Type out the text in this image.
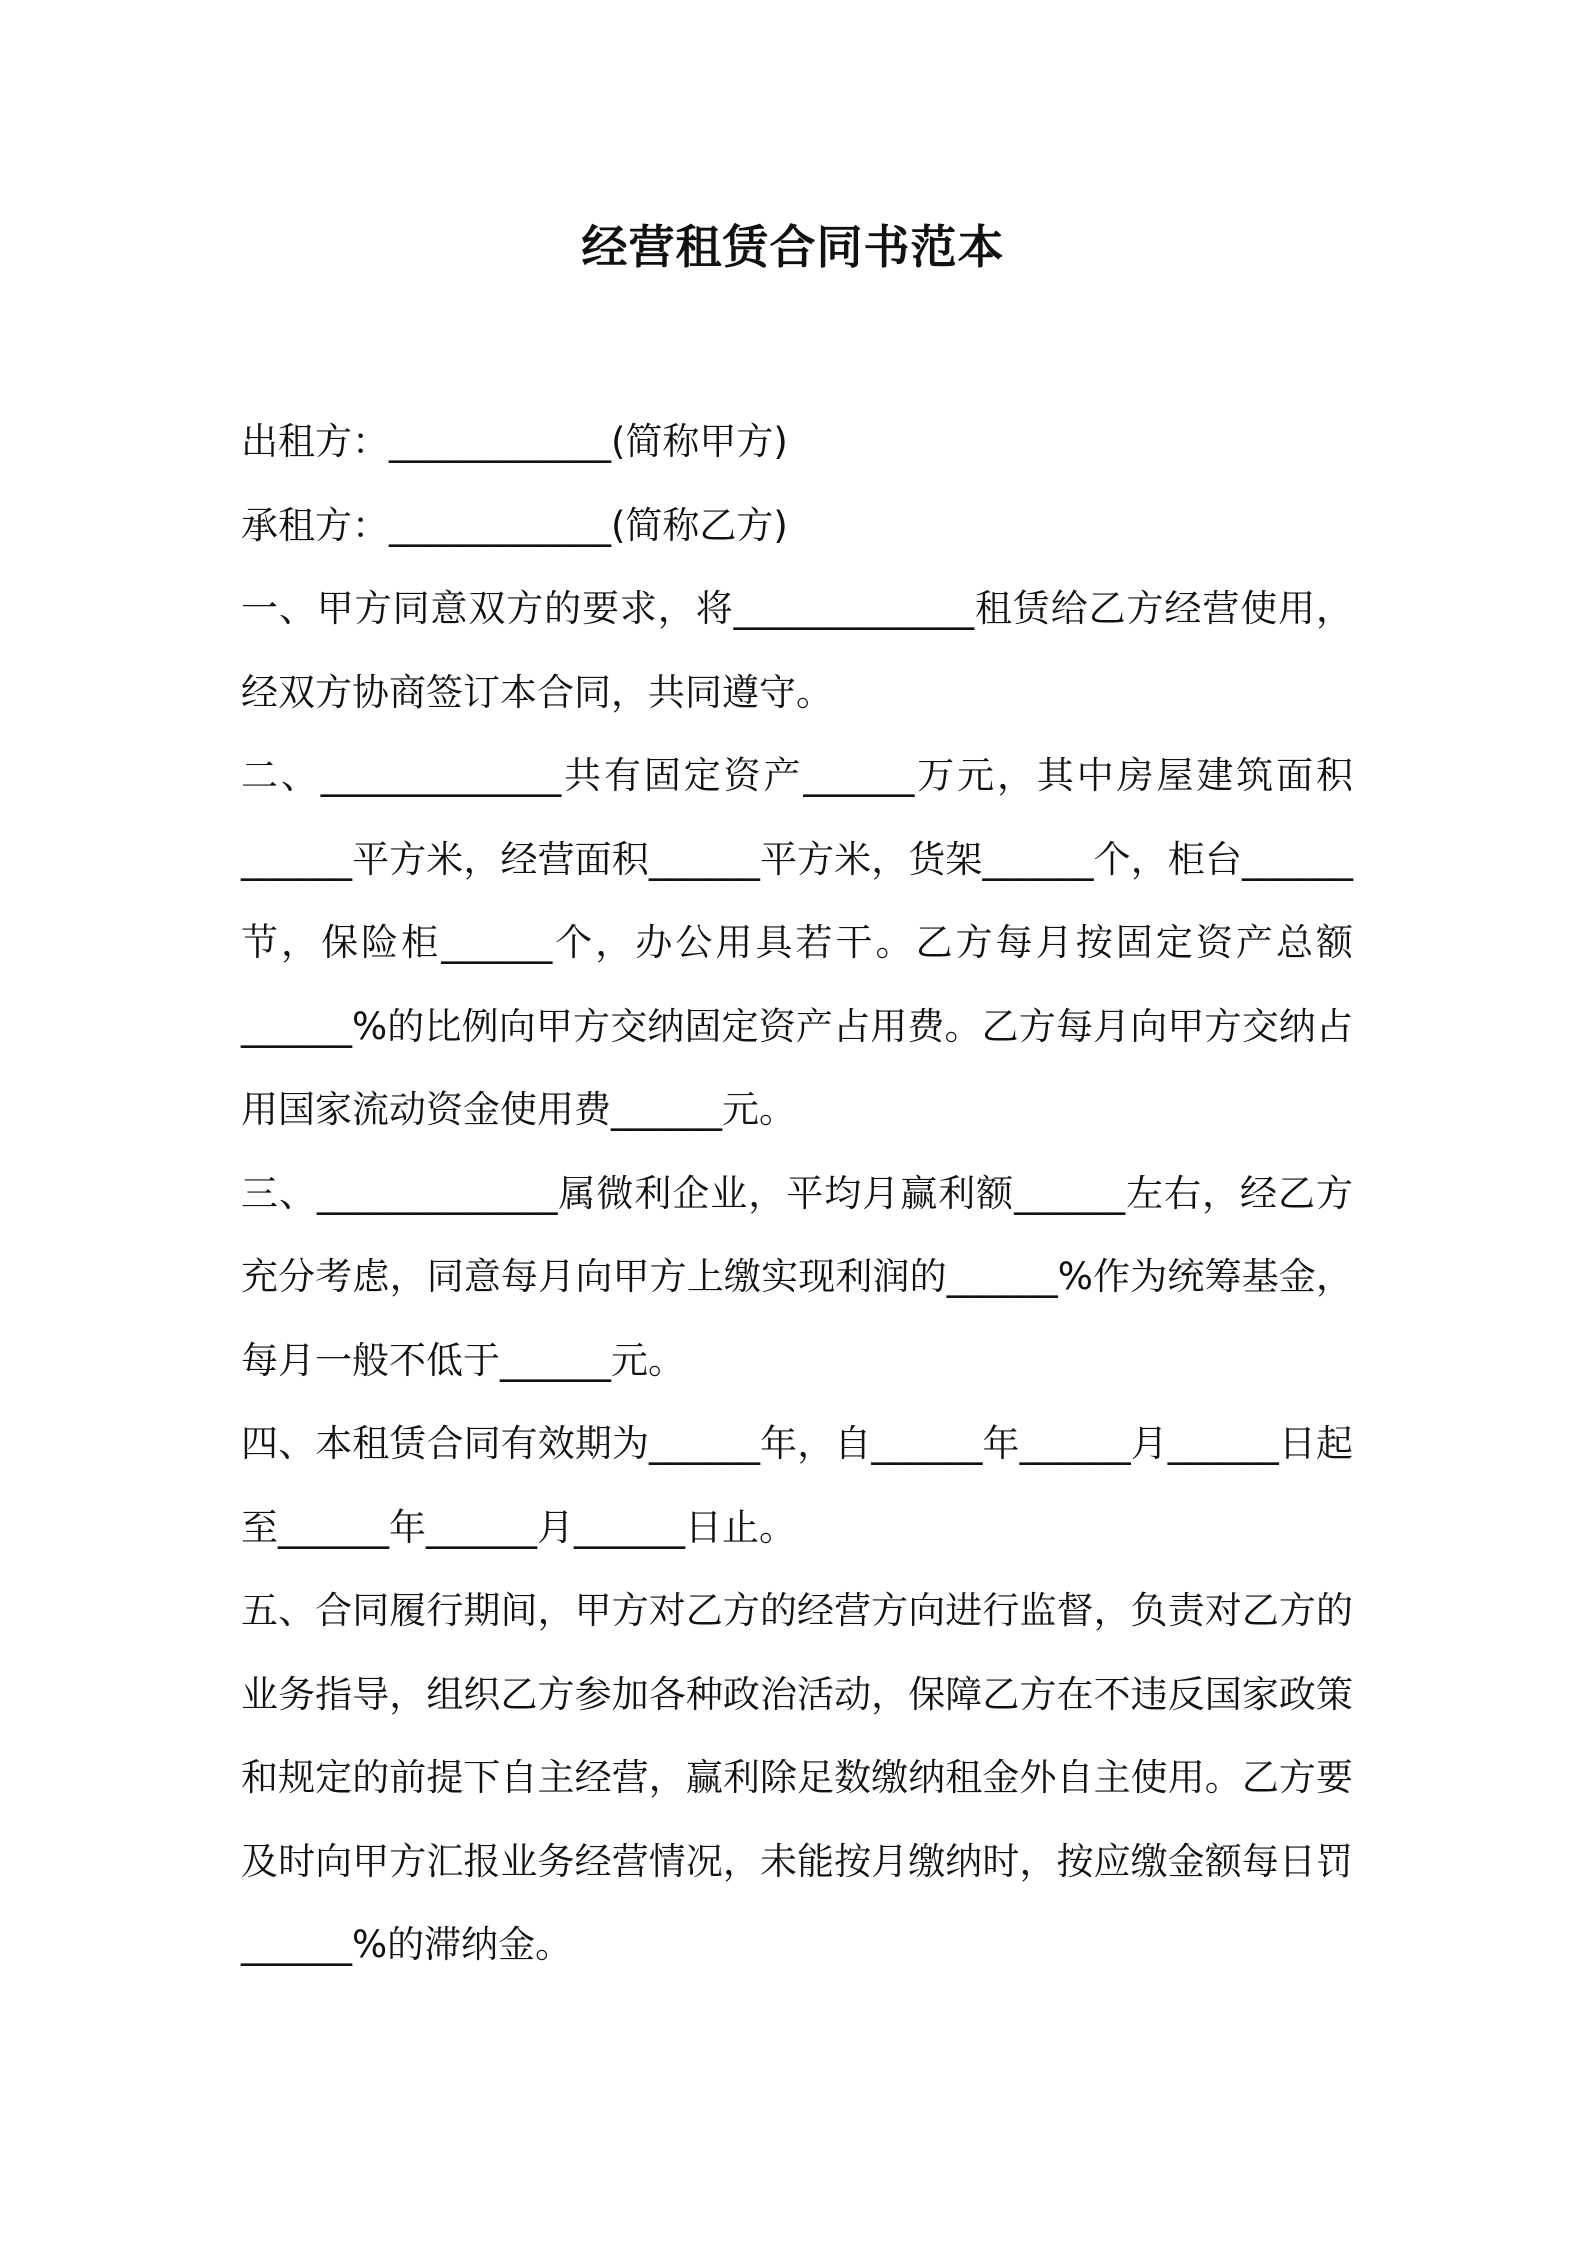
经营租赁合同书范本

出租方：____________(简称甲方)

承租方：____________(简称乙方)

一、甲方同意双方的要求，将_____________租赁给乙方经营使用，经双方协商签订本合同，共同遵守。

二、_____________共有固定资产______万元，其中房屋建筑面积______平方米，经营面积______平方米，货架______个，柜台______节，保险柜______个，办公用具若干。乙方每月按固定资产总额______%的比例向甲方交纳固定资产占用费。乙方每月向甲方交纳占用国家流动资金使用费______元。

三、_____________属微利企业，平均月赢利额______左右，经乙方充分考虑，同意每月向甲方上缴实现利润的______%作为统筹基金，每月一般不低于______元。

四、本租赁合同有效期为______年，自______年______月______日起至______年______月______日止。

五、合同履行期间，甲方对乙方的经营方向进行监督，负责对乙方的业务指导，组织乙方参加各种政治活动，保障乙方在不违反国家政策和规定的前提下自主经营，赢利除足数缴纳租金外自主使用。乙方要及时向甲方汇报业务经营情况，未能按月缴纳时，按应缴金额每日罚______%的滞纳金。
